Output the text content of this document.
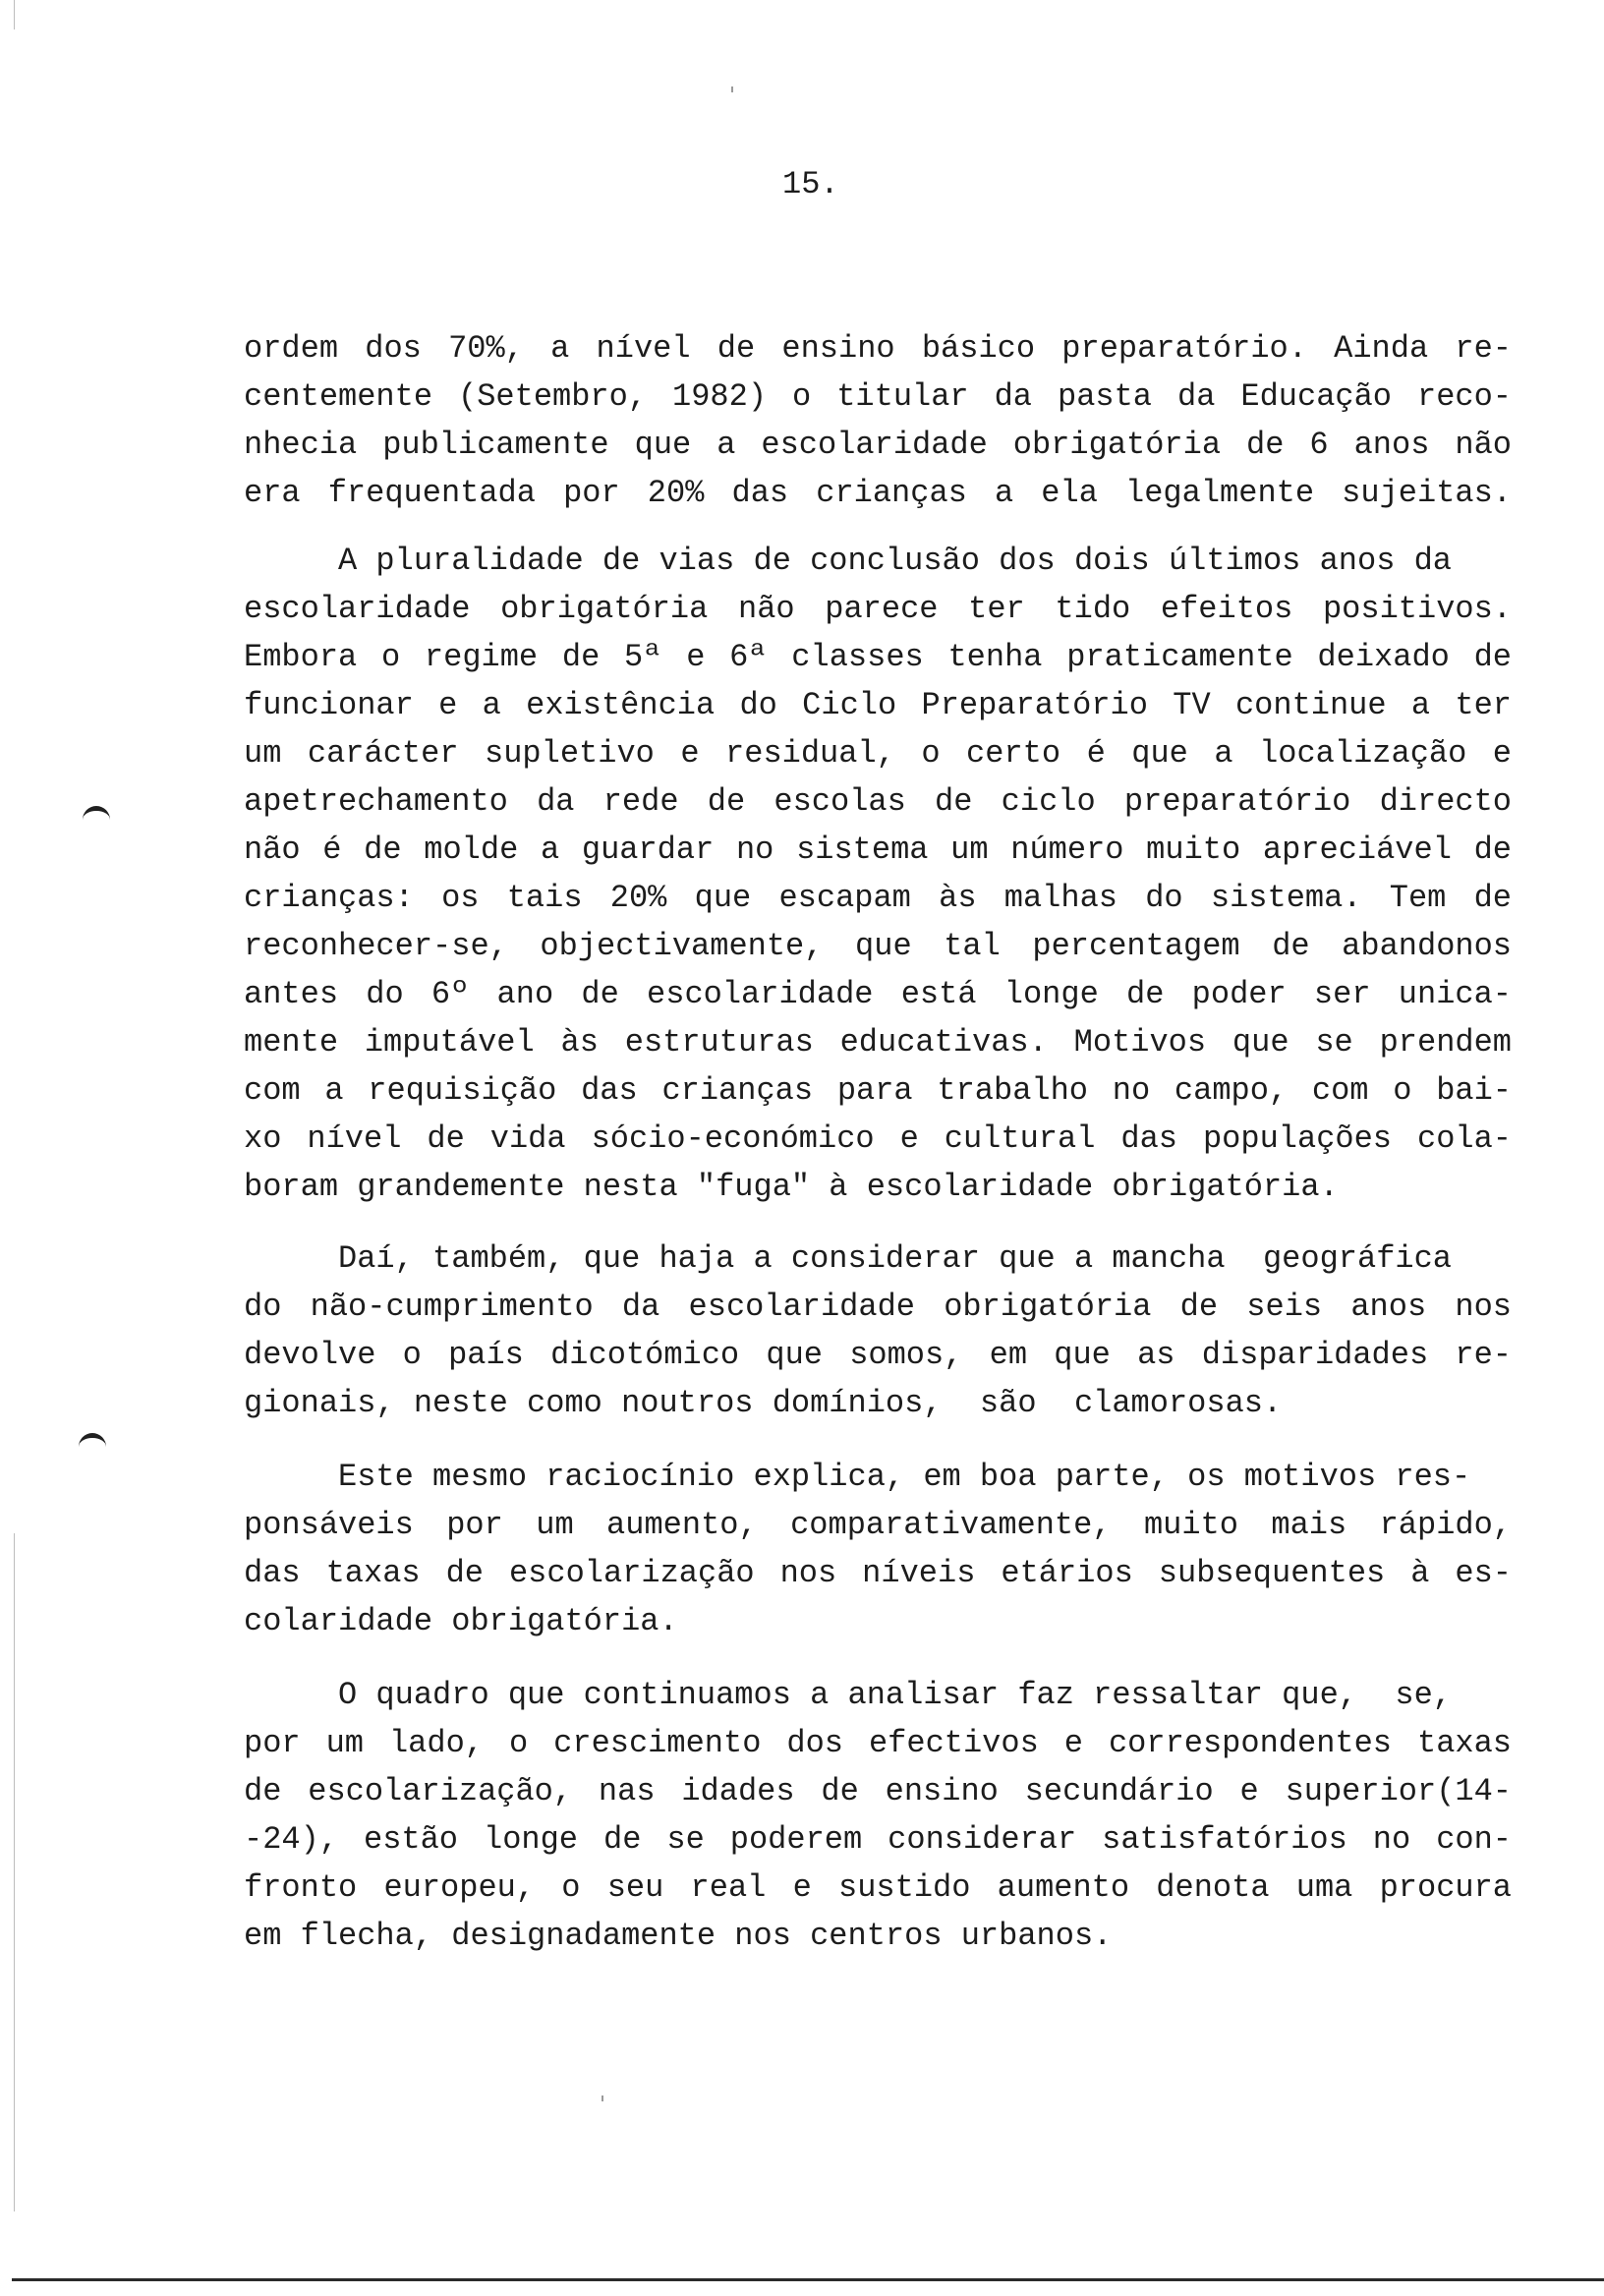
15.
ordem dos 70%, a nível de ensino básico preparatório. Ainda re-
centemente (Setembro, 1982) o titular da pasta da Educação reco-
nhecia publicamente que a escolaridade obrigatória de 6 anos não
era frequentada por 20% das crianças a ela legalmente sujeitas.
A pluralidade de vias de conclusão dos dois últimos anos da
escolaridade obrigatória não parece ter tido efeitos positivos.
Embora o regime de 5ª e 6ª classes tenha praticamente deixado de
funcionar e a existência do Ciclo Preparatório TV continue a ter
um carácter supletivo e residual, o certo é que a localização e
apetrechamento da rede de escolas de ciclo preparatório directo
não é de molde a guardar no sistema um número muito apreciável de
crianças: os tais 20% que escapam às malhas do sistema. Tem de
reconhecer-se, objectivamente, que tal percentagem de abandonos
antes do 6º ano de escolaridade está longe de poder ser unica-
mente imputável às estruturas educativas. Motivos que se prendem
com a requisição das crianças para trabalho no campo, com o bai-
xo nível de vida sócio-económico e cultural das populações cola-
boram grandemente nesta "fuga" à escolaridade obrigatória.
Daí, também, que haja a considerar que a mancha  geográfica
do não-cumprimento da escolaridade obrigatória de seis anos nos
devolve o país dicotómico que somos, em que as disparidades re-
gionais, neste como noutros domínios,  são  clamorosas.
Este mesmo raciocínio explica, em boa parte, os motivos res-
ponsáveis por um aumento, comparativamente, muito mais rápido,
das taxas de escolarização nos níveis etários subsequentes à es-
colaridade obrigatória.
O quadro que continuamos a analisar faz ressaltar que,  se,
por um lado, o crescimento dos efectivos e correspondentes taxas
de escolarização, nas idades de ensino secundário e superior(14-
-24), estão longe de se poderem considerar satisfatórios no con-
fronto europeu, o seu real e sustido aumento denota uma procura
em flecha, designadamente nos centros urbanos.
